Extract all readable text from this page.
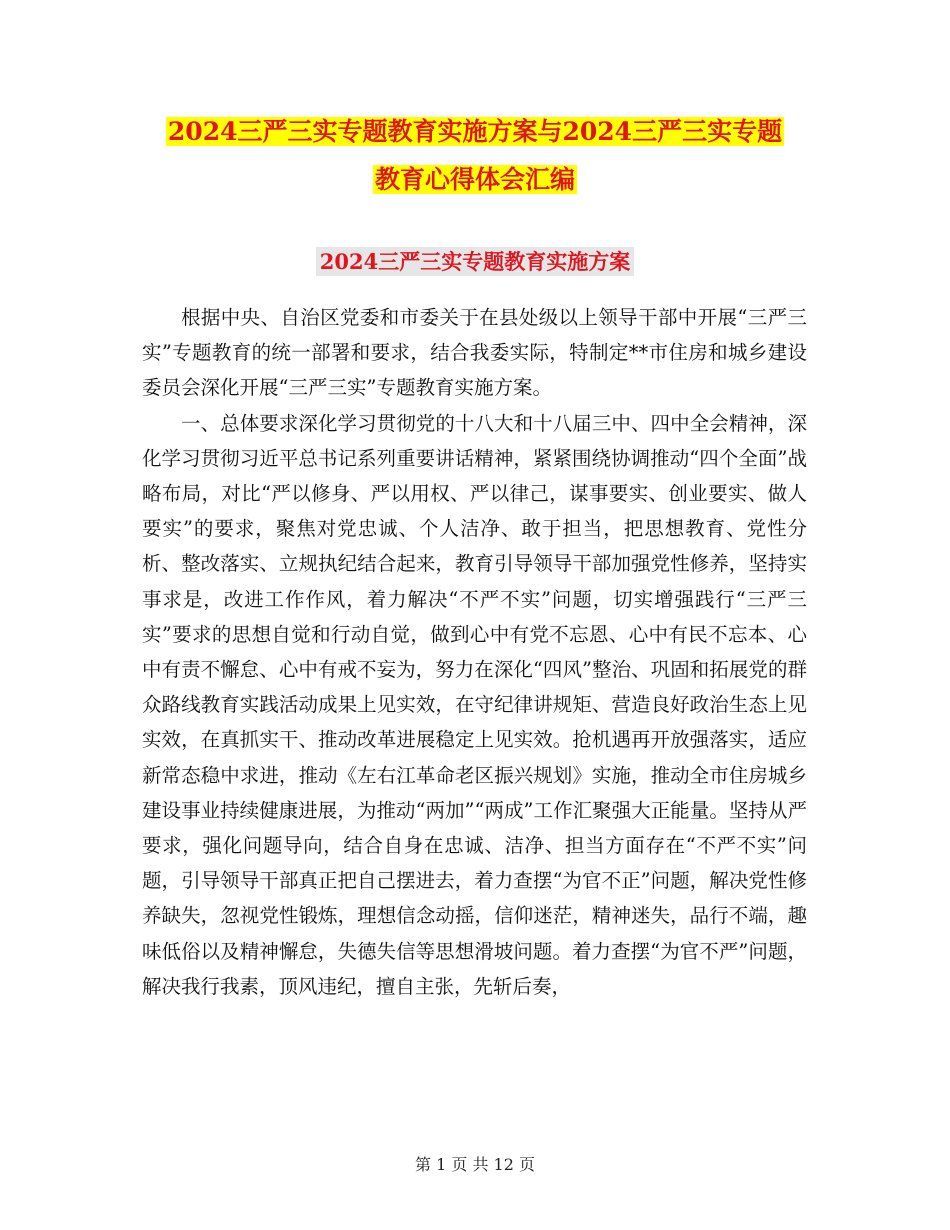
2024三严三实专题教育实施方案与2024三严三实专题
教育心得体会汇编
2024三严三实专题教育实施方案

根据中央、自治区党委和市委关于在县处级以上领导干部中开展“三严三实”专题教育的统一部署和要求，结合我委实际，特制定**市住房和城乡建设委员会深化开展“三严三实”专题教育实施方案。

一、总体要求深化学习贯彻党的十八大和十八届三中、四中全会精神，深化学习贯彻习近平总书记系列重要讲话精神，紧紧围绕协调推动“四个全面”战略布局，对比“严以修身、严以用权、严以律己，谋事要实、创业要实、做人要实”的要求，聚焦对党忠诚、个人洁净、敢于担当，把思想教育、党性分析、整改落实、立规执纪结合起来，教育引导领导干部加强党性修养，坚持实事求是，改进工作作风，着力解决“不严不实”问题，切实增强践行“三严三实”要求的思想自觉和行动自觉，做到心中有党不忘恩、心中有民不忘本、心中有责不懈怠、心中有戒不妄为，努力在深化“四风”整治、巩固和拓展党的群众路线教育实践活动成果上见实效，在守纪律讲规矩、营造良好政治生态上见实效，在真抓实干、推动改革进展稳定上见实效。抢机遇再开放强落实，适应新常态稳中求进，推动《左右江革命老区振兴规划》实施，推动全市住房城乡建设事业持续健康进展，为推动“两加”“两成”工作汇聚强大正能量。坚持从严要求，强化问题导向，结合自身在忠诚、洁净、担当方面存在“不严不实”问题，引导领导干部真正把自己摆进去，着力查摆“为官不正”问题，解决党性修养缺失，忽视党性锻炼，理想信念动摇，信仰迷茫，精神迷失，品行不端，趣味低俗以及精神懈怠，失德失信等思想滑坡问题。着力查摆“为官不严”问题，解决我行我素，顶风违纪，擅自主张，先斩后奏，

第 1 页 共 12 页
